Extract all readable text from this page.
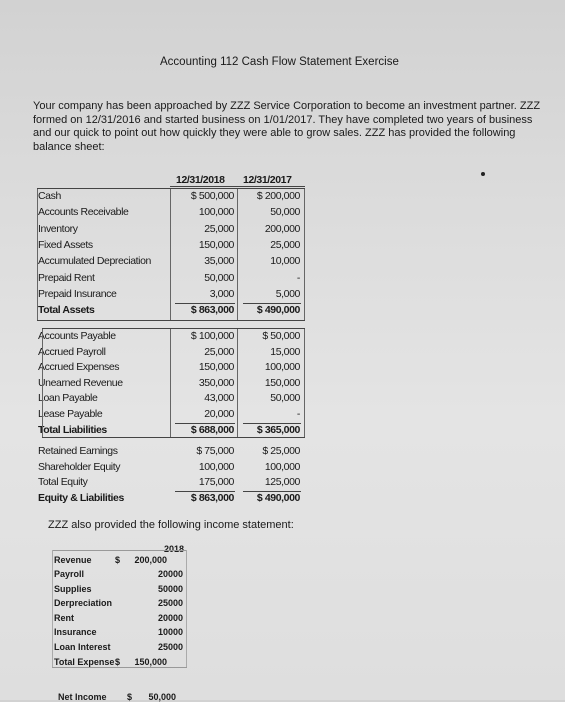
Accounting 112 Cash Flow Statement Exercise
Your company has been approached by ZZZ Service Corporation to become an investment partner. ZZZ formed on 12/31/2016 and started business on 1/01/2017. They have completed two years of business and our quick to point out how quickly they were able to grow sales. ZZZ has provided the following balance sheet:
12/31/2018 12/31/2017
Cash	$ 500,000	$ 200,000
Accounts Receivable	100,000	50,000
Inventory	25,000	200,000
Fixed Assets	150,000	25,000
Accumulated Depreciation	35,000	10,000
Prepaid Rent	50,000	-
Prepaid Insurance	3,000	5,000
Total Assets	$ 863,000	$ 490,000
Accounts Payable	$ 100,000	$ 50,000
Accrued Payroll	25,000	15,000
Accrued Expenses	150,000	100,000
Unearned Revenue	350,000	150,000
Loan Payable	43,000	50,000
Lease Payable	20,000	-
Total Liabilities	$ 688,000	$ 365,000
Retained Earnings	$ 75,000	$ 25,000
Shareholder Equity	100,000	100,000
Total Equity	175,000	125,000
Equity & Liabilities	$ 863,000	$ 490,000
ZZZ also provided the following income statement:
2018
Revenue	$ 200,000
Payroll	20000
Supplies	50000
Derpreciation	25000
Rent	20000
Insurance	10000
Loan Interest	25000
Total Expense $ 150,000
Net Income $ 50,000
